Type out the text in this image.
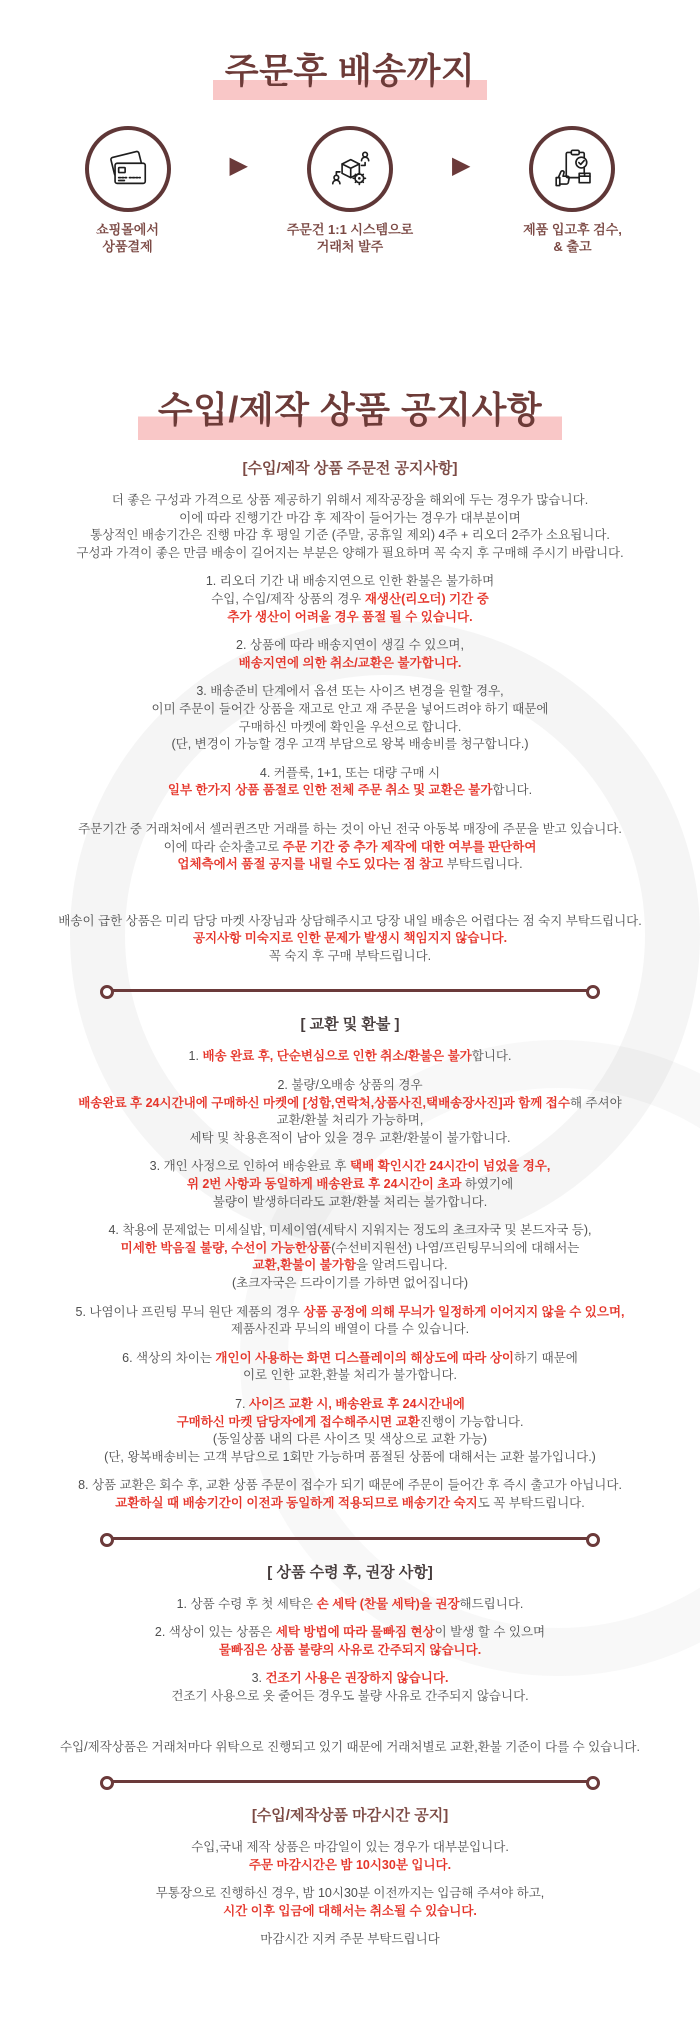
주문후 배송까지
쇼핑몰에서
상품결제
▶
주문건 1:1 시스템으로
거래처 발주
▶
제품 입고후 검수,
& 출고
수입/제작 상품 공지사항
[수입/제작 상품 주문전 공지사항]

더 좋은 구성과 가격으로 상품 제공하기 위해서 제작공장을 해외에 두는 경우가 많습니다.

이에 따라 진행기간 마감 후 제작이 들어가는 경우가 대부분이며

통상적인 배송기간은 진행 마감 후 평일 기준 (주말, 공휴일 제외) 4주 + 리오더 2주가 소요됩니다.

구성과 가격이 좋은 만큼 배송이 길어지는 부분은 양해가 필요하며 꼭 숙지 후 구매해 주시기 바랍니다.

1. 리오더 기간 내 배송지연으로 인한 환불은 불가하며

수입, 수입/제작 상품의 경우 재생산(리오더) 기간 중

추가 생산이 어려울 경우 품절 될 수 있습니다.

2. 상품에 따라 배송지연이 생길 수 있으며,

배송지연에 의한 취소/교환은 불가합니다.

3. 배송준비 단계에서 옵션 또는 사이즈 변경을 원할 경우,

이미 주문이 들어간 상품을 재고로 안고 재 주문을 넣어드려야 하기 때문에

구매하신 마켓에 확인을 우선으로 합니다.

(단, 변경이 가능할 경우 고객 부담으로 왕복 배송비를 청구합니다.)

4. 커플룩, 1+1, 또는 대량 구매 시

일부 한가지 상품 품절로 인한 전체 주문 취소 및 교환은 불가합니다.

주문기간 중 거래처에서 셀러퀸즈만 거래를 하는 것이 아닌 전국 아동복 매장에 주문을 받고 있습니다.

이에 따라 순차출고로 주문 기간 중 추가 제작에 대한 여부를 판단하여

업체측에서 품절 공지를 내릴 수도 있다는 점 참고 부탁드립니다.

배송이 급한 상품은 미리 담당 마켓 사장님과 상담해주시고 당장 내일 배송은 어렵다는 점 숙지 부탁드립니다.

공지사항 미숙지로 인한 문제가 발생시 책임지지 않습니다.

꼭 숙지 후 구매 부탁드립니다.

[ 교환 및 환불 ]

1. 배송 완료 후, 단순변심으로 인한 취소/환불은 불가합니다.

2. 불량/오배송 상품의 경우

배송완료 후 24시간내에 구매하신 마켓에 [성함,연락처,상품사진,택배송장사진]과 함께 접수해 주셔야

교환/환불 처리가 가능하며,

세탁 및 착용흔적이 남아 있을 경우 교환/환불이 불가합니다.

3. 개인 사정으로 인하여 배송완료 후 택배 확인시간 24시간이 넘었을 경우,

위 2번 사항과 동일하게 배송완료 후 24시간이 초과 하였기에

불량이 발생하더라도 교환/환불 처리는 불가합니다.

4. 착용에 문제없는 미세실밥, 미세이염(세탁시 지워지는 정도의 초크자국 및 본드자국 등),

미세한 박음질 불량, 수선이 가능한상품(수선비지원선) 나염/프린팅무늬의에 대해서는

교환,환불이 불가함을 알려드립니다.

(초크자국은 드라이기를 가하면 없어집니다)

5. 나염이나 프린팅 무늬 원단 제품의 경우 상품 공정에 의해 무늬가 일정하게 이어지지 않을 수 있으며,

제품사진과 무늬의 배열이 다를 수 있습니다.

6. 색상의 차이는 개인이 사용하는 화면 디스플레이의 해상도에 따라 상이하기 때문에

이로 인한 교환,환불 처리가 불가합니다.

7. 사이즈 교환 시, 배송완료 후 24시간내에

구매하신 마켓 담당자에게 접수해주시면 교환진행이 가능합니다.

(동일상품 내의 다른 사이즈 및 색상으로 교환 가능)

(단, 왕복배송비는 고객 부담으로 1회만 가능하며 품절된 상품에 대해서는 교환 불가입니다.)

8. 상품 교환은 회수 후, 교환 상품 주문이 접수가 되기 때문에 주문이 들어간 후 즉시 출고가 아닙니다.

교환하실 때 배송기간이 이전과 동일하게 적용되므로 배송기간 숙지도 꼭 부탁드립니다.

[ 상품 수령 후, 권장 사항]

1. 상품 수령 후 첫 세탁은 손 세탁 (찬물 세탁)을 권장해드립니다.

2. 색상이 있는 상품은 세탁 방법에 따라 물빠짐 현상이 발생 할 수 있으며

물빠짐은 상품 불량의 사유로 간주되지 않습니다.

3. 건조기 사용은 권장하지 않습니다.

건조기 사용으로 옷 줄어든 경우도 불량 사유로 간주되지 않습니다.

수입/제작상품은 거래처마다 위탁으로 진행되고 있기 때문에 거래처별로 교환,환불 기준이 다를 수 있습니다.

[수입/제작상품 마감시간 공지]

수입,국내 제작 상품은 마감일이 있는 경우가 대부분입니다.

주문 마감시간은 밤 10시30분 입니다.

무통장으로 진행하신 경우, 밤 10시30분 이전까지는 입금해 주셔야 하고,

시간 이후 입금에 대해서는 취소될 수 있습니다.

마감시간 지켜 주문 부탁드립니다
